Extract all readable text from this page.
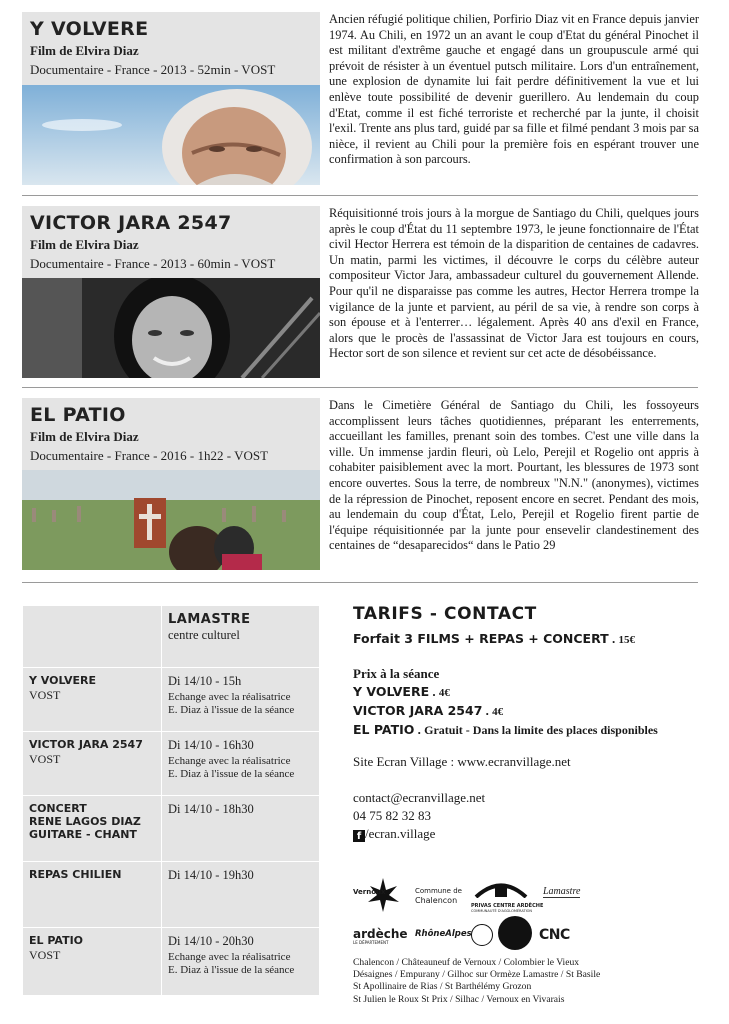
Y VOLVERE
Film de Elvira Diaz
Documentaire - France - 2013 - 52min - VOST

Ancien réfugié politique chilien, Porfirio Diaz vit en France depuis janvier 1974. Au Chili, en 1972 un an avant le coup d'Etat du général Pinochet il est militant d'extrême gauche et engagé dans un groupuscule armé qui prévoit de résister à un éventuel putsch militaire. Lors d'un entraînement, une explosion de dynamite lui fait perdre définitivement la vue et lui enlève toute possibilité de devenir guerillero. Au lendemain du coup d'Etat, comme il est fiché terroriste et recherché par la junte, il choisit l'exil. Trente ans plus tard, guidé par sa fille et filmé pendant 3 mois par sa nièce, il revient au Chili pour la première fois en espérant trouver une confirmation à son parcours.

VICTOR JARA 2547
Film de Elvira Diaz
Documentaire - France - 2013 - 60min - VOST

Réquisitionné trois jours à la morgue de Santiago du Chili, quelques jours après le coup d'État du 11 septembre 1973, le jeune fonctionnaire de l'État civil Hector Herrera est témoin de la disparition de centaines de cadavres. Un matin, parmi les victimes, il découvre le corps du célèbre auteur compositeur Victor Jara, ambassadeur culturel du gouvernement Allende. Pour qu'il ne disparaisse pas comme les autres, Hector Herrera trompe la vigilance de la junte et parvient, au péril de sa vie, à rendre son corps à son épouse et à l'enterrer… légalement. Après 40 ans d'exil en France, alors que le procès de l'assassinat de Victor Jara est toujours en cours, Hector sort de son silence et revient sur cet acte de désobéissance.

EL PATIO
Film de Elvira Diaz
Documentaire - France - 2016 - 1h22 - VOST

Dans le Cimetière Général de Santiago du Chili, les fossoyeurs accomplissent leurs tâches quotidiennes, préparant les enterrements, accueillant les familles, prenant soin des tombes. C'est une ville dans la ville. Un immense jardin fleuri, où Lelo, Perejil et Rogelio ont appris à cohabiter paisiblement avec la mort. Pourtant, les blessures de 1973 sont encore ouvertes. Sous la terre, de nombreux "N.N." (anonymes), victimes de la répression de Pinochet, reposent encore en secret. Pendant des mois, au lendemain du coup d'État, Lelo, Perejil et Rogelio firent partie de l'équipe réquisitionnée par la junte pour ensevelir clandestinement des centaines de “desaparecidos“ dans le Patio 29

	LAMASTRE
centre culturel

Y VOLVERE
VOST	Di 14/10 - 15h
Echange avec la réalisatrice
E. Diaz à l'issue de la séance

VICTOR JARA 2547
VOST	Di 14/10 - 16h30
Echange avec la réalisatrice
E. Diaz à l'issue de la séance

CONCERT
RENE LAGOS DIAZ
GUITARE - CHANT	Di 14/10 - 18h30
REPAS CHILIEN	Di 14/10 - 19h30
EL PATIO
VOST	Di 14/10 - 20h30
Echange avec la réalisatrice
E. Diaz à l'issue de la séance
TARIFS - CONTACT
Forfait 3 FILMS + REPAS + CONCERT . 15€
Prix à la séance
Y VOLVERE . 4€
VICTOR JARA 2547 . 4€
EL PATIO . Gratuit - Dans la limite des places disponibles
Site Ecran Village : www.ecranvillage.net
contact@ecranvillage.net
04 75 82 32 83
f /ecran.village
Vernoux	Commune de
Chalencon
PRIVAS CENTRE ARDÈCHE
COMMUNAUTÉ D'AGGLOMÉRATION
Lamastre
ardèche
LE DÉPARTEMENT
RhôneAlpes	CNC
Chalencon / Châteauneuf de Vernoux / Colombier le Vieux
Désaignes / Empurany / Gilhoc sur Ormèze Lamastre / St Basile
St Apollinaire de Rias / St Barthélémy Grozon
St Julien le Roux St Prix / Silhac / Vernoux en Vivarais
